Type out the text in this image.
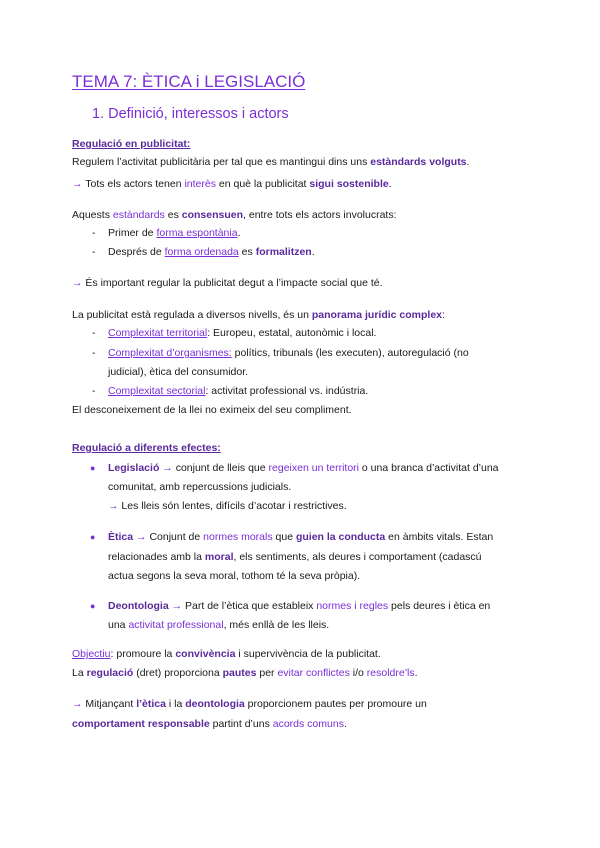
TEMA 7: ÈTICA i LEGISLACIÓ
1. Definició, interessos i actors
Regulació en publicitat:
Regulem l’activitat publicitària per tal que es mantingui dins uns estàndards volguts.
→ Tots els actors tenen interès en què la publicitat sigui sostenible.
Aquests estàndards es consensuen, entre tots els actors involucrats:
- Primer de forma espontània.
- Després de forma ordenada es formalitzen.
→ És important regular la publicitat degut a l’impacte social que té.
La publicitat està regulada a diversos nivells, és un panorama jurídic complex:
- Complexitat territorial: Europeu, estatal, autonòmic i local.
- Complexitat d’organismes: polítics, tribunals (les executen), autoregulació (no
judicial), ètica del consumidor.
- Complexitat sectorial: activitat professional vs. indústria.
El desconeixement de la llei no eximeix del seu compliment.
Regulació a diferents efectes:
● Legislació → conjunt de lleis que regeixen un territori o una branca d’activitat d’una
comunitat, amb repercussions judicials.
→ Les lleis són lentes, difícils d’acotar i restrictives.
● Ètica → Conjunt de normes morals que guien la conducta en àmbits vitals. Estan
relacionades amb la moral, els sentiments, als deures i comportament (cadascú
actua segons la seva moral, tothom té la seva pròpia).
● Deontologia → Part de l’ètica que estableix normes i regles pels deures i ètica en
una activitat professional, més enllà de les lleis.
Objectiu: promoure la convivència i supervivència de la publicitat.
La regulació (dret) proporciona pautes per evitar conflictes i/o resoldre’ls.
→ Mitjançant l’ètica i la deontologia proporcionem pautes per promoure un
comportament responsable partint d’uns acords comuns.
